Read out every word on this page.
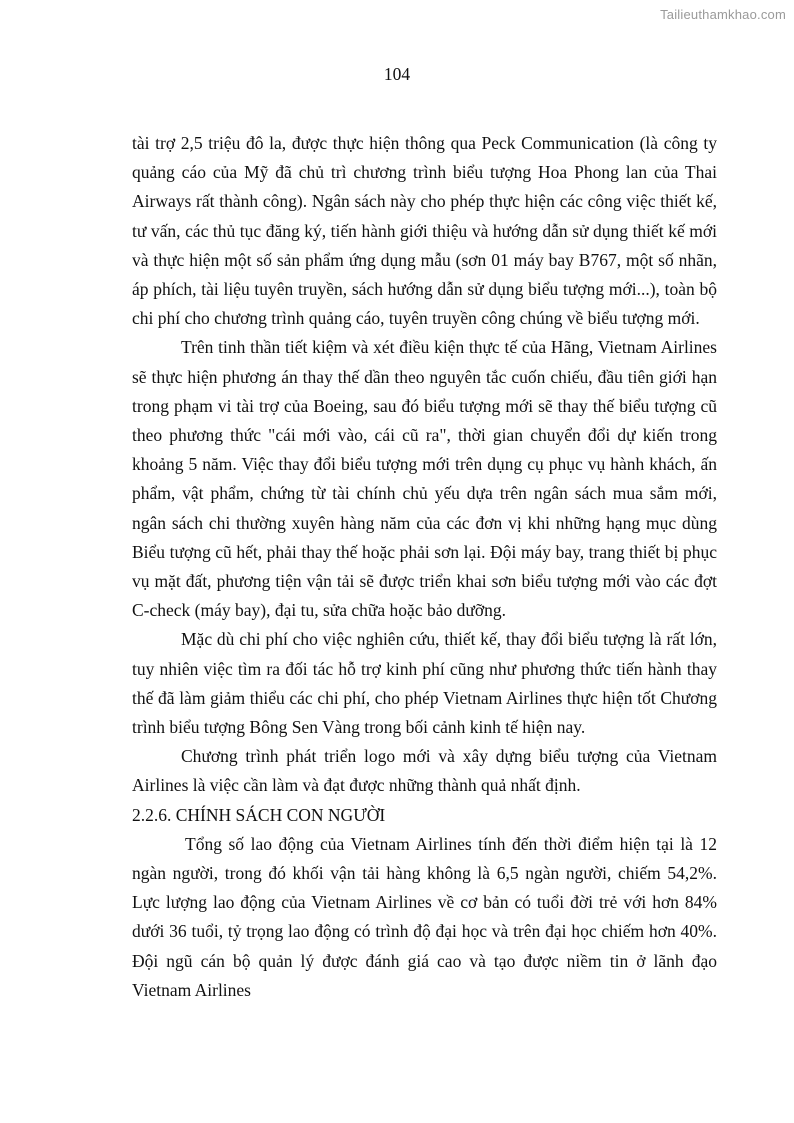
Tailieuthamkhao.com
104

tài trợ 2,5 triệu đô la, được thực hiện thông qua Peck Communication (là công ty quảng cáo của Mỹ đã chủ trì chương trình biểu tượng Hoa Phong lan của Thai Airways rất thành công). Ngân sách này cho phép thực hiện các công việc thiết kế, tư vấn, các thủ tục đăng ký, tiến hành giới thiệu và hướng dẫn sử dụng thiết kế mới và thực hiện một số sản phẩm ứng dụng mẫu (sơn 01 máy bay B767, một số nhãn, áp phích, tài liệu tuyên truyền, sách hướng dẫn sử dụng biểu tượng mới...), toàn bộ chi phí cho chương trình quảng cáo, tuyên truyền công chúng về biểu tượng mới.

Trên tinh thần tiết kiệm và xét điều kiện thực tế của Hãng, Vietnam Airlines sẽ thực hiện phương án thay thế dần theo nguyên tắc cuốn chiếu, đầu tiên giới hạn trong phạm vi tài trợ của Boeing, sau đó biểu tượng mới sẽ thay thế biểu tượng cũ theo phương thức "cái mới vào, cái cũ ra", thời gian chuyển đổi dự kiến trong khoảng 5 năm. Việc thay đổi biểu tượng mới trên dụng cụ phục vụ hành khách, ấn phẩm, vật phẩm, chứng từ tài chính chủ yếu dựa trên ngân sách mua sắm mới, ngân sách chi thường xuyên hàng năm của các đơn vị khi những hạng mục dùng Biểu tượng cũ hết, phải thay thế hoặc phải sơn lại. Đội máy bay, trang thiết bị phục vụ mặt đất, phương tiện vận tải sẽ được triển khai sơn biểu tượng mới vào các đợt C-check (máy bay), đại tu, sửa chữa hoặc bảo dưỡng.

Mặc dù chi phí cho việc nghiên cứu, thiết kế, thay đổi biểu tượng là rất lớn, tuy nhiên việc tìm ra đối tác hỗ trợ kinh phí cũng như phương thức tiến hành thay thế đã làm giảm thiểu các chi phí, cho phép Vietnam Airlines thực hiện tốt Chương trình biểu tượng Bông Sen Vàng trong bối cảnh kinh tế hiện nay.

Chương trình phát triển logo mới và xây dựng biểu tượng của Vietnam Airlines là việc cần làm và đạt được những thành quả nhất định.

2.2.6. CHÍNH SÁCH CON NGƯỜI

Tổng số lao động của Vietnam Airlines tính đến thời điểm hiện tại là 12 ngàn người, trong đó khối vận tải hàng không là 6,5 ngàn người, chiếm 54,2%. Lực lượng lao động của Vietnam Airlines về cơ bản có tuổi đời trẻ với hơn 84% dưới 36 tuổi, tỷ trọng lao động có trình độ đại học và trên đại học chiếm hơn 40%. Đội ngũ cán bộ quản lý được đánh giá cao và tạo được niềm tin ở lãnh đạo Vietnam Airlines
